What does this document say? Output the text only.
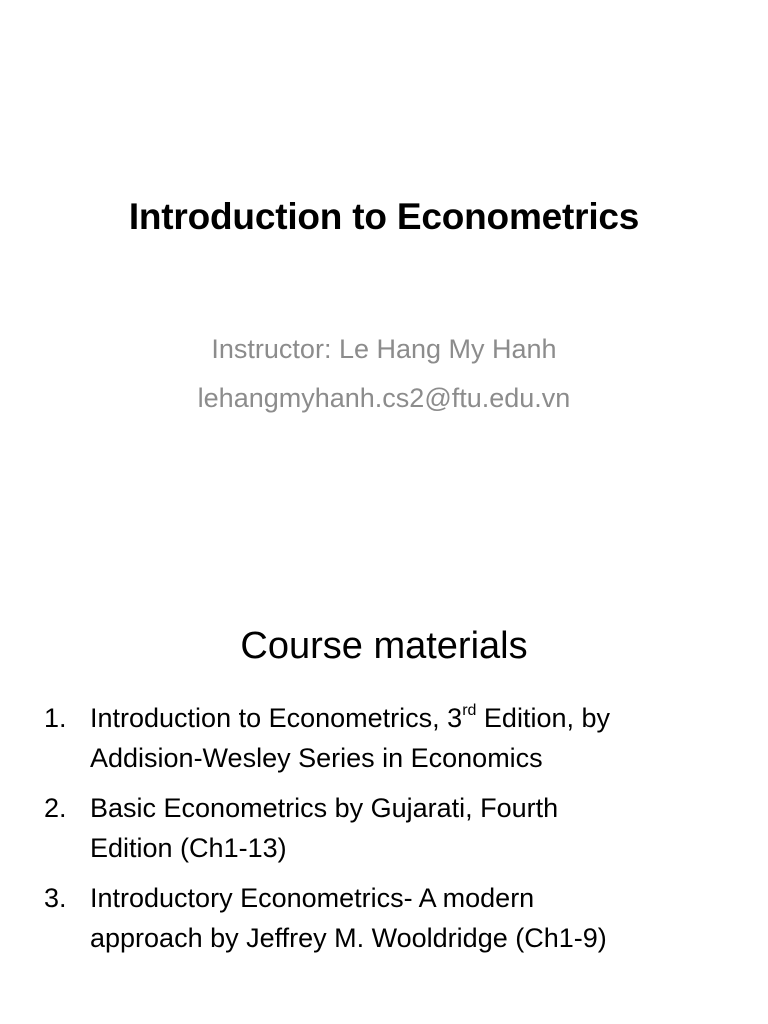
Introduction to Econometrics
Instructor: Le Hang My Hanh
lehangmyhanh.cs2@ftu.edu.vn
Course materials
1. Introduction to Econometrics, 3rd Edition, by
Addision-Wesley Series in Economics
2. Basic Econometrics by Gujarati, Fourth
Edition (Ch1-13)
3. Introductory Econometrics- A modern
approach by Jeffrey M. Wooldridge (Ch1-9)
